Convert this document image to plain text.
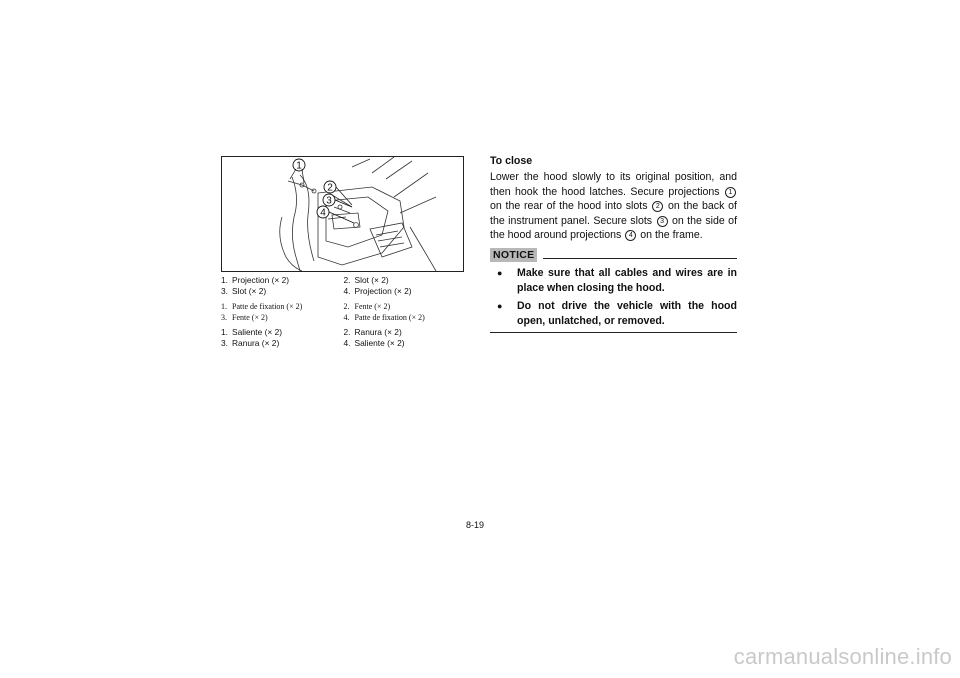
1
2
3
4
1. Projection (× 2)	2. Slot (× 2)
3. Slot (× 2)	4. Projection (× 2)
1. Patte de fixation (× 2)	2. Fente (× 2)
3. Fente (× 2)	4. Patte de fixation (× 2)
1. Saliente (× 2)	2. Ranura (× 2)
3. Ranura (× 2)	4. Saliente (× 2)

To close

Lower the hood slowly to its original position, and then hook the hood latches. Secure projections 1 on the rear of the hood into slots 2 on the back of the instrument panel. Secure slots 3 on the side of the hood around projections 4 on the frame.

NOTICE
● Make sure that all cables and wires are in place when closing the hood.
● Do not drive the vehicle with the hood open, unlatched, or removed.
8-19
carmanualsonline.info
